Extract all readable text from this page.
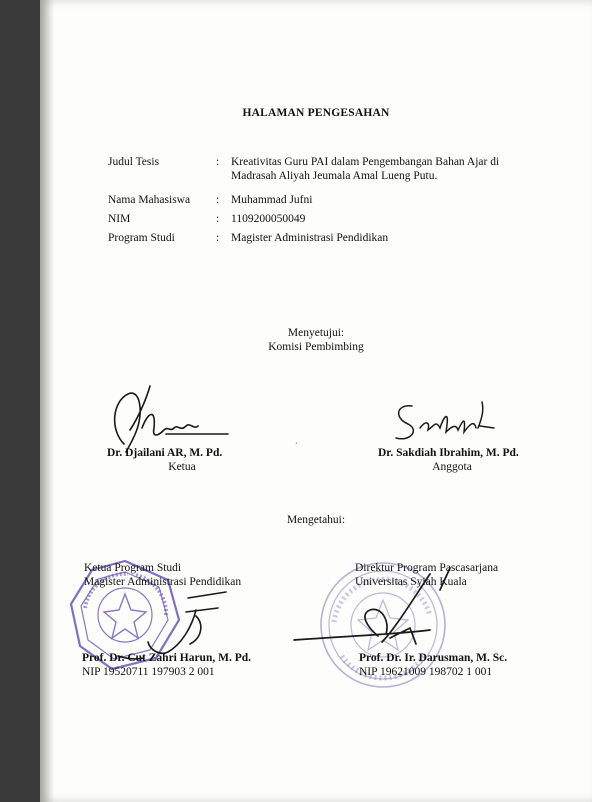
HALAMAN PENGESAHAN
Judul Tesis	: Kreativitas Guru PAI dalam Pengembangan Bahan Ajar di
Madrasah Aliyah Jeumala Amal Lueng Putu.
Nama Mahasiswa : Muhammad Jufni
NIM	: 1109200050049
Program Studi	: Magister Administrasi Pendidikan
Menyetujui:
Komisi Pembimbing
Dr. Djailani AR, M. Pd.
Ketua
Dr. Sakdiah Ibrahim, M. Pd.
Anggota
·
Mengetahui:
Ketua Program Studi
Magister Administrasi Pendidikan
Prof. Dr. Cut Zahri Harun, M. Pd.
NIP 19520711 197903 2 001
Direktur Program Pascasarjana
Universitas Syiah Kuala
Prof. Dr. Ir. Darusman, M. Sc.
NIP 19621009 198702 1 001
